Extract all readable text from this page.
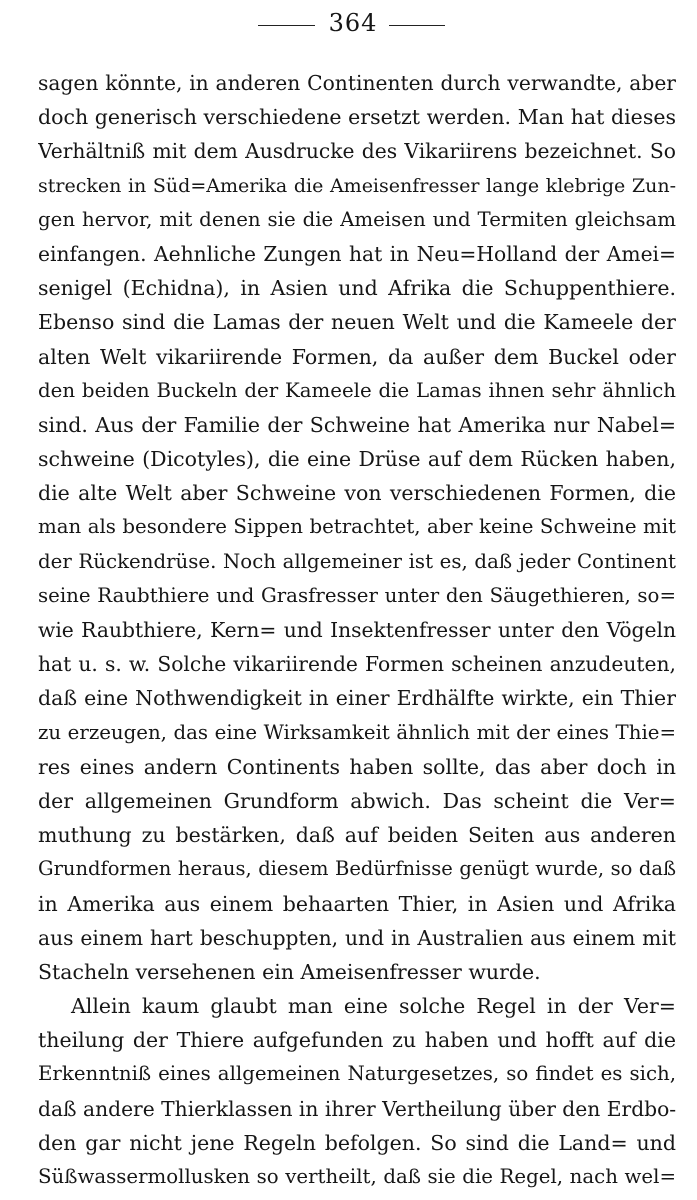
364
sagen könnte, in anderen Continenten durch verwandte, aber
doch generisch verschiedene ersetzt werden. Man hat dieses
Verhältniß mit dem Ausdrucke des Vikariirens bezeichnet. So
strecken in Süd=Amerika die Ameisenfresser lange klebrige Zun-
gen hervor, mit denen sie die Ameisen und Termiten gleichsam
einfangen. Aehnliche Zungen hat in Neu=Holland der Amei=
senigel (Echidna), in Asien und Afrika die Schuppenthiere.
Ebenso sind die Lamas der neuen Welt und die Kameele der
alten Welt vikariirende Formen, da außer dem Buckel oder
den beiden Buckeln der Kameele die Lamas ihnen sehr ähnlich
sind. Aus der Familie der Schweine hat Amerika nur Nabel=
schweine (Dicotyles), die eine Drüse auf dem Rücken haben,
die alte Welt aber Schweine von verschiedenen Formen, die
man als besondere Sippen betrachtet, aber keine Schweine mit
der Rückendrüse. Noch allgemeiner ist es, daß jeder Continent
seine Raubthiere und Grasfresser unter den Säugethieren, so=
wie Raubthiere, Kern= und Insektenfresser unter den Vögeln
hat u. s. w. Solche vikariirende Formen scheinen anzudeuten,
daß eine Nothwendigkeit in einer Erdhälfte wirkte, ein Thier
zu erzeugen, das eine Wirksamkeit ähnlich mit der eines Thie=
res eines andern Continents haben sollte, das aber doch in
der allgemeinen Grundform abwich. Das scheint die Ver=
muthung zu bestärken, daß auf beiden Seiten aus anderen
Grundformen heraus, diesem Bedürfnisse genügt wurde, so daß
in Amerika aus einem behaarten Thier, in Asien und Afrika
aus einem hart beschuppten, und in Australien aus einem mit
Stacheln versehenen ein Ameisenfresser wurde.
Allein kaum glaubt man eine solche Regel in der Ver=
theilung der Thiere aufgefunden zu haben und hofft auf die
Erkenntniß eines allgemeinen Naturgesetzes, so findet es sich,
daß andere Thierklassen in ihrer Vertheilung über den Erdbo-
den gar nicht jene Regeln befolgen. So sind die Land= und
Süßwassermollusken so vertheilt, daß sie die Regel, nach wel=
